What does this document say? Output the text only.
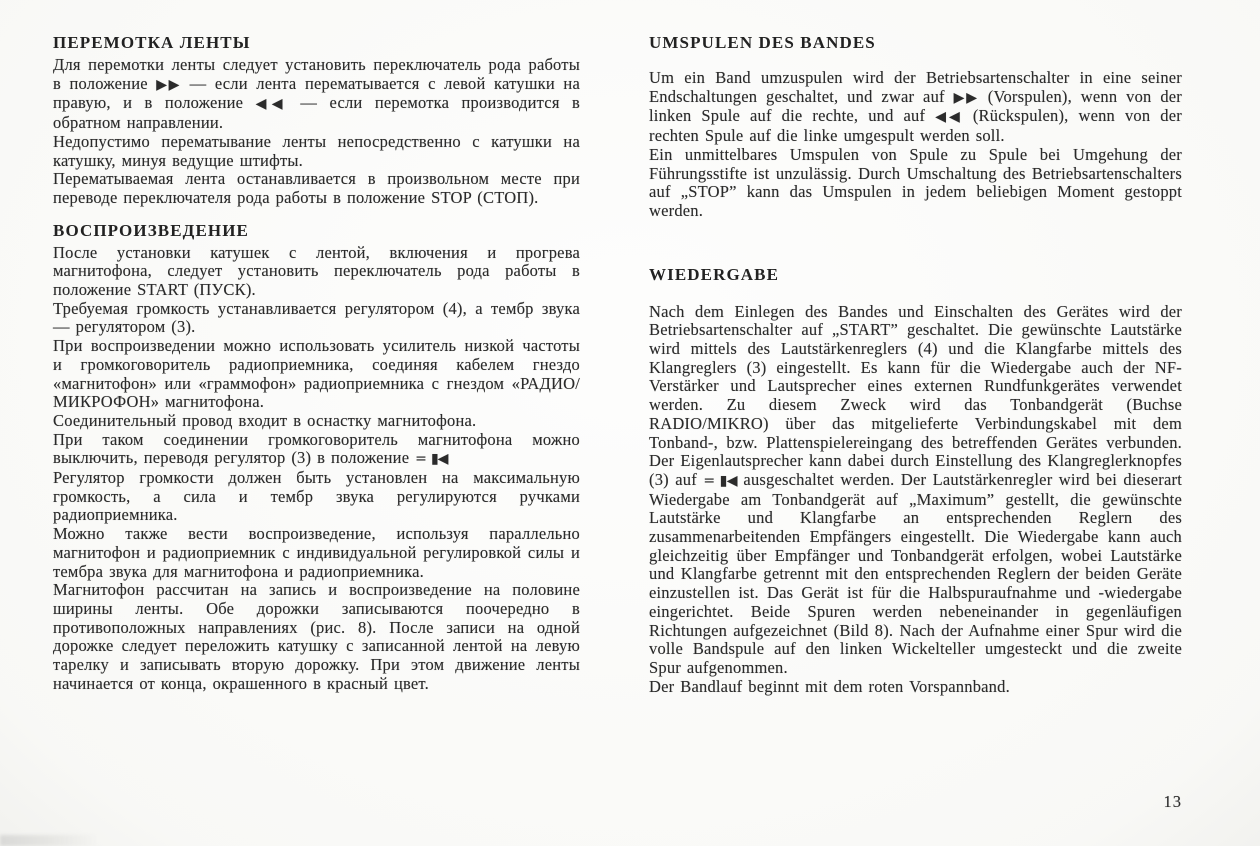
ПЕРЕМОТКА ЛЕНТЫ

Для перемотки ленты следует установить переключатель рода работы в положение ▶▶ — если лента перематывается с левой катушки на правую, и в положение ◀◀ — если перемотка производится в обратном направлении.

Недопустимо перематывание ленты непосредственно с катушки на катушку, минуя ведущие штифты.

Перематываемая лента останавливается в произвольном месте при переводе переключателя рода работы в положение STOP (СТОП).

ВОСПРОИЗВЕДЕНИЕ

После установки катушек с лентой, включения и прогрева магнитофона, следует установить переключатель рода работы в положение START (ПУСК).

Требуемая громкость устанавливается регулятором (4), а тембр звука — регулятором (3).

При воспроизведении можно использовать усилитель низкой частоты и громкоговоритель радиоприемника, соединяя кабелем гнездо «магнитофон» или «граммофон» радиоприемника с гнездом «РАДИО/МИКРОФОН» магнитофона.

Соединительный провод входит в оснастку магнитофона.

При таком соединении громкоговоритель магнитофона можно выключить, переводя регулятор (3) в положение = ▮◀

Регулятор громкости должен быть установлен на максимальную громкость, а сила и тембр звука регулируются ручками радиоприемника.

Можно также вести воспроизведение, используя параллельно магнитофон и радиоприемник с индивидуальной регулировкой силы и тембра звука для магнитофона и радиоприемника.

Магнитофон рассчитан на запись и воспроизведение на половине ширины ленты. Обе дорожки записываются поочередно в противоположных направлениях (рис. 8). После записи на одной дорожке следует переложить катушку с записанной лентой на левую тарелку и записывать вторую дорожку. При этом движение ленты начинается от конца, окрашенного в красный цвет.

UMSPULEN DES BANDES

Um ein Band umzuspulen wird der Betriebsartenschalter in eine seiner Endschaltungen geschaltet, und zwar auf ▶▶ (Vorspulen), wenn von der linken Spule auf die rechte, und auf ◀◀ (Rückspulen), wenn von der rechten Spule auf die linke umgespult werden soll.

Ein unmittelbares Umspulen von Spule zu Spule bei Umgehung der Führungsstifte ist unzulässig. Durch Umschaltung des Betriebsartenschalters auf „STOP” kann das Umspulen in jedem beliebigen Moment gestoppt werden.

WIEDERGABE

Nach dem Einlegen des Bandes und Einschalten des Gerätes wird der Betriebsartenschalter auf „START” geschaltet. Die gewünschte Lautstärke wird mittels des Lautstärkenreglers (4) und die Klangfarbe mittels des Klangreglers (3) eingestellt. Es kann für die Wiedergabe auch der NF-Verstärker und Lautsprecher eines externen Rundfunkgerätes verwendet werden. Zu diesem Zweck wird das Tonbandgerät (Buchse RADIO/MIKRO) über das mitgelieferte Verbindungskabel mit dem Tonband-, bzw. Plattenspielereingang des betreffenden Gerätes verbunden. Der Eigenlautsprecher kann dabei durch Einstellung des Klangreglerknopfes (3) auf = ▮◀ ausgeschaltet werden. Der Lautstärkenregler wird bei dieserart Wiedergabe am Tonbandgerät auf „Maximum” gestellt, die gewünschte Lautstärke und Klangfarbe an entsprechenden Reglern des zusammenarbeitenden Empfängers eingestellt. Die Wiedergabe kann auch gleichzeitig über Empfänger und Tonbandgerät erfolgen, wobei Lautstärke und Klangfarbe getrennt mit den entsprechenden Reglern der beiden Geräte einzustellen ist. Das Gerät ist für die Halbspuraufnahme und -wiedergabe eingerichtet. Beide Spuren werden nebeneinander in gegenläufigen Richtungen aufgezeichnet (Bild 8). Nach der Aufnahme einer Spur wird die volle Bandspule auf den linken Wickelteller umgesteckt und die zweite Spur aufgenommen.

Der Bandlauf beginnt mit dem roten Vorspannband.

13
